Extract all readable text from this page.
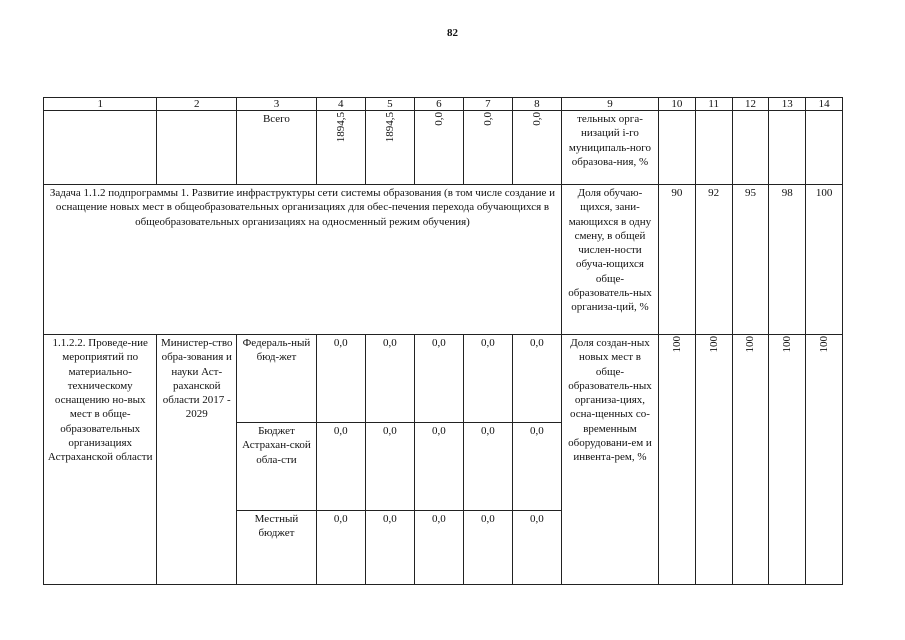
82
1	2	3	4	5	6	7	8	9	10	11	12	13	14
		Всего	1894,5	1894,5	0,0	0,0	0,0	тельных орга-низаций i-го муниципаль-ного образова-ния, %					
Задача 1.1.2 подпрограммы 1. Развитие инфраструктуры сети системы образования (в том числе создание и оснащение новых мест в общеобразовательных организациях для обес-печения перехода обучающихся в общеобразовательных организациях на односменный режим обучения)								Доля обучаю-щихся, зани-мающихся в одну смену, в общей числен-ности обуча-ющихся обще-образователь-ных организа-ций, %	90	92	95	98	100
1.1.2.2. Проведе-ние мероприятий по материально-техническому оснащению но-вых мест в обще-образовательных организациях Астраханской области	Министер-ство обра-зования и науки Аст-раханской области 2017 - 2029	Федераль-ный бюд-жет	0,0	0,0	0,0	0,0	0,0	Доля создан-ных новых мест в обще-образователь-ных организа-циях, осна-щенных со-временным оборудовани-ем и инвента-рем, %	100	100	100	100	100
		Бюджет Астрахан-ской обла-сти	0,0	0,0	0,0	0,0	0,0						
		Местный бюджет	0,0	0,0	0,0	0,0	0,0						
